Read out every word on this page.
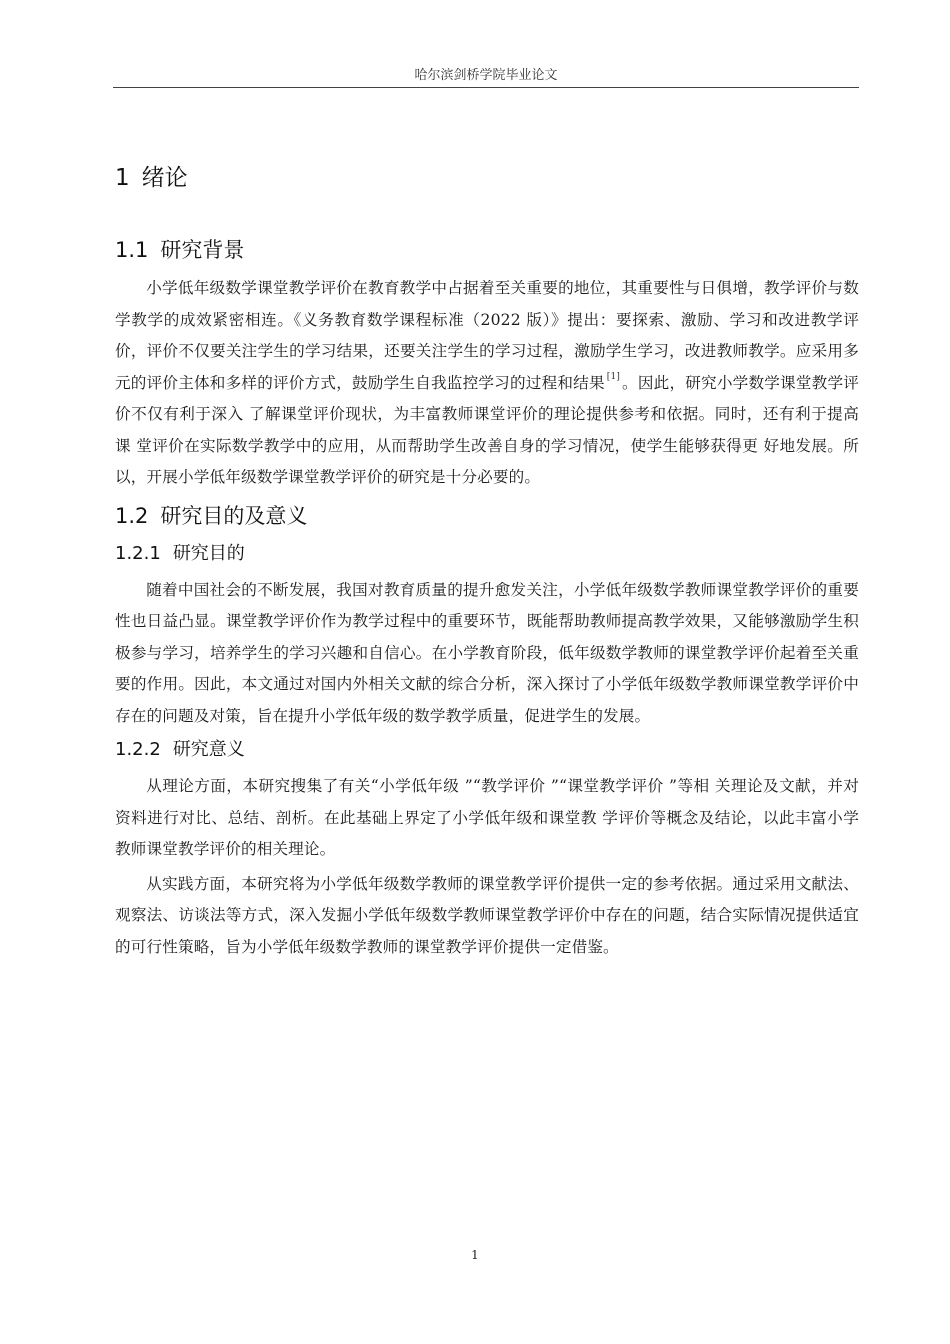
哈尔滨剑桥学院毕业论文
1 绪论
1.1 研究背景

小学低年级数学课堂教学评价在教育教学中占据着至关重要的地位，其重要性与日俱增，教学评价与数学教学的成效紧密相连。《义务教育数学课程标准（2022 版）》提出：要探索、激励、学习和改进教学评价，评价不仅要关注学生的学习结果，还要关注学生的学习过程，激励学生学习，改进教师教学。应采用多元的评价主体和多样的评价方式，鼓励学生自我监控学习的过程和结果 [1] 。因此，研究小学数学课堂教学评价不仅有利于深入 了解课堂评价现状，为丰富教师课堂评价的理论提供参考和依据。同时，还有利于提高课 堂评价在实际数学教学中的应用，从而帮助学生改善自身的学习情况，使学生能够获得更 好地发展。所以，开展小学低年级数学课堂教学评价的研究是十分必要的。

1.2 研究目的及意义
1.2.1 研究目的

随着中国社会的不断发展，我国对教育质量的提升愈发关注，小学低年级数学教师课堂教学评价的重要性也日益凸显。课堂教学评价作为教学过程中的重要环节，既能帮助教师提高教学效果，又能够激励学生积极参与学习，培养学生的学习兴趣和自信心。在小学教育阶段，低年级数学教师的课堂教学评价起着至关重要的作用。因此，本文通过对国内外相关文献的综合分析，深入探讨了小学低年级数学教师课堂教学评价中存在的问题及对策，旨在提升小学低年级的数学教学质量，促进学生的发展。

1.2.2 研究意义

从理论方面，本研究搜集了有关“小学低年级 ”“教学评价 ”“课堂教学评价 ”等相 关理论及文献，并对资料进行对比、总结、剖析。在此基础上界定了小学低年级和课堂教 学评价等概念及结论，以此丰富小学教师课堂教学评价的相关理论。

从实践方面，本研究将为小学低年级数学教师的课堂教学评价提供一定的参考依据。通过采用文献法、观察法、访谈法等方式，深入发掘小学低年级数学教师课堂教学评价中存在的问题，结合实际情况提供适宜的可行性策略，旨为小学低年级数学教师的课堂教学评价提供一定借鉴。

1
